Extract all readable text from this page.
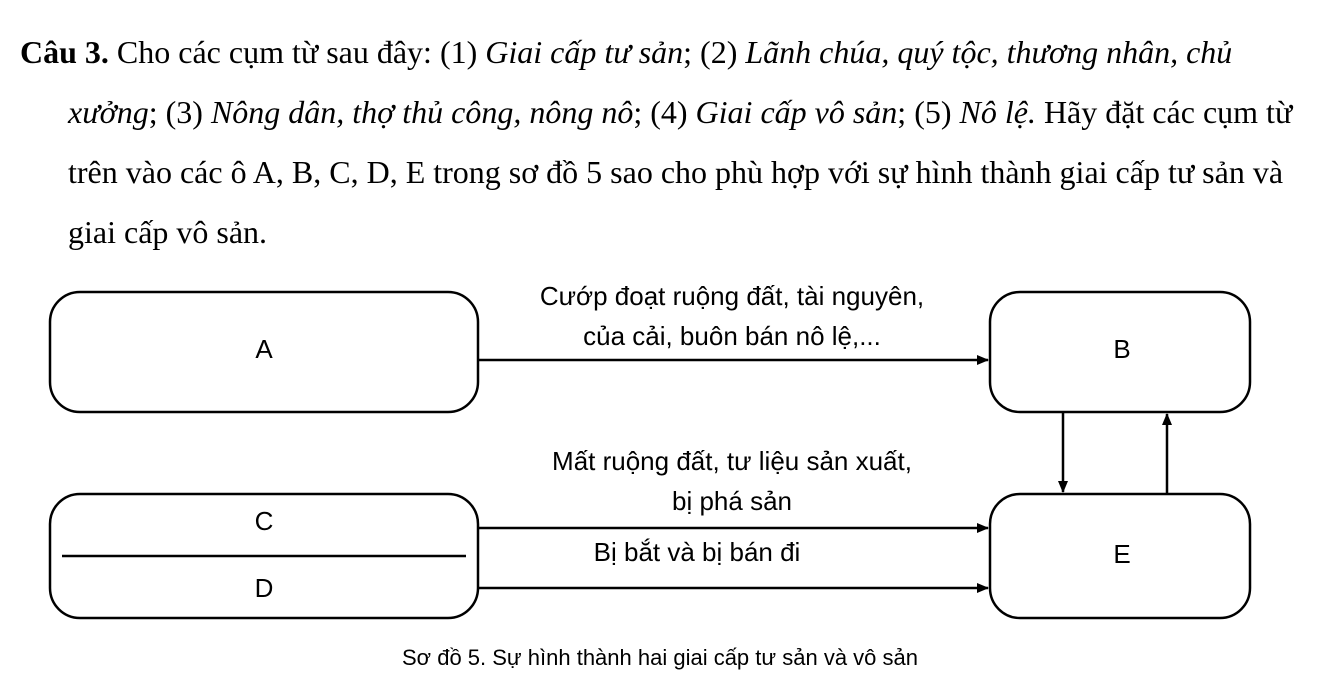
Câu 3. Cho các cụm từ sau đây: (1) Giai cấp tư sản; (2) Lãnh chúa, quý tộc, thương nhân, chủ xưởng; (3) Nông dân, thợ thủ công, nông nô; (4) Giai cấp vô sản; (5) Nô lệ. Hãy đặt các cụm từ trên vào các ô A, B, C, D, E trong sơ đồ 5 sao cho phù hợp với sự hình thành giai cấp tư sản và giai cấp vô sản.

A	B
C
D
E
Cướp đoạt ruộng đất, tài nguyên,
của cải, buôn bán nô lệ,...
Mất ruộng đất, tư liệu sản xuất,
bị phá sản
Bị bắt và bị bán đi
Sơ đồ 5. Sự hình thành hai giai cấp tư sản và vô sản
